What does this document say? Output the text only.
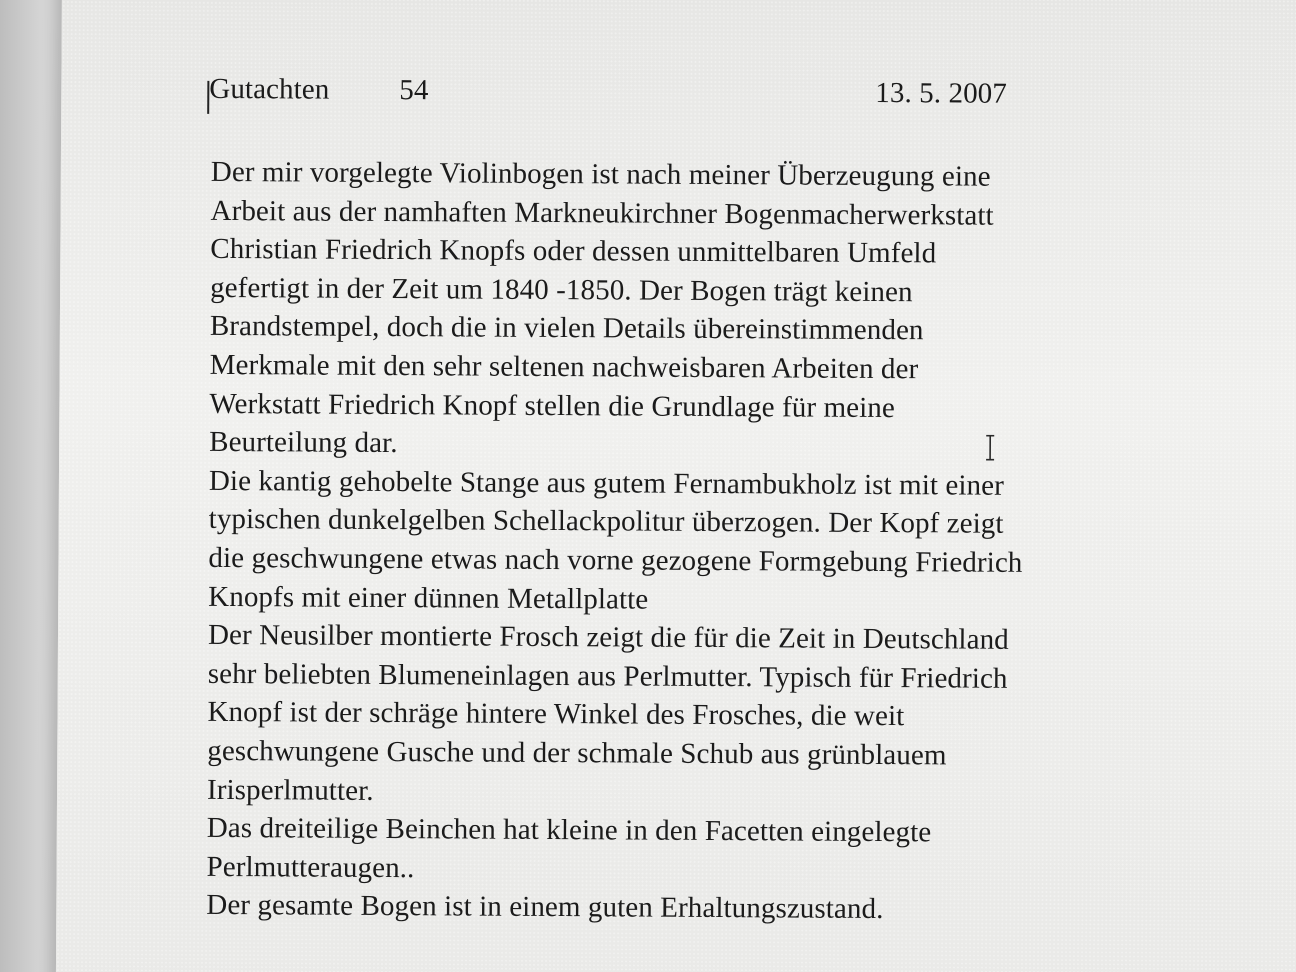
Gutachten 54	13. 5. 2007
Der mir vorgelegte Violinbogen ist nach meiner Überzeugung eine
Arbeit aus der namhaften Markneukirchner Bogenmacherwerkstatt
Christian Friedrich Knopfs oder dessen unmittelbaren Umfeld
gefertigt in der Zeit um 1840 -1850. Der Bogen trägt keinen
Brandstempel, doch die in vielen Details übereinstimmenden
Merkmale mit den sehr seltenen nachweisbaren Arbeiten der
Werkstatt Friedrich Knopf stellen die Grundlage für meine
Beurteilung dar.
Die kantig gehobelte Stange aus gutem Fernambukholz ist mit einer
typischen dunkelgelben Schellackpolitur überzogen. Der Kopf zeigt
die geschwungene etwas nach vorne gezogene Formgebung Friedrich
Knopfs mit einer dünnen Metallplatte
Der Neusilber montierte Frosch zeigt die für die Zeit in Deutschland
sehr beliebten Blumeneinlagen aus Perlmutter. Typisch für Friedrich
Knopf ist der schräge hintere Winkel des Frosches, die weit
geschwungene Gusche und der schmale Schub aus grünblauem
Irisperlmutter.
Das dreiteilige Beinchen hat kleine in den Facetten eingelegte
Perlmutteraugen..
Der gesamte Bogen ist in einem guten Erhaltungszustand.
